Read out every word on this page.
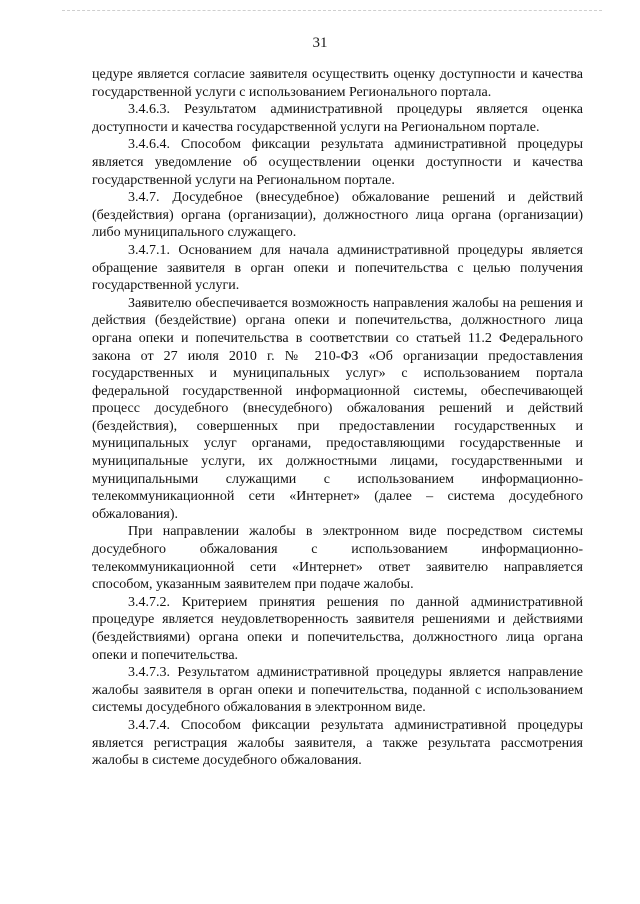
31

цедуре является согласие заявителя осуществить оценку доступности и качества государственной услуги с использованием Регионального портала.

3.4.6.3. Результатом административной процедуры является оценка доступности и качества государственной услуги на Региональном портале.

3.4.6.4. Способом фиксации результата административной процедуры является уведомление об осуществлении оценки доступности и качества государственной услуги на Региональном портале.

3.4.7. Досудебное (внесудебное) обжалование решений и действий (бездействия) органа (организации), должностного лица органа (организации) либо муниципального служащего.

3.4.7.1. Основанием для начала административной процедуры является обращение заявителя в орган опеки и попечительства с целью получения государственной услуги.

Заявителю обеспечивается возможность направления жалобы на решения и действия (бездействие) органа опеки и попечительства, должностного лица органа опеки и попечительства в соответствии со статьей 11.2 Федерального закона от 27 июля 2010 г. № 210-ФЗ «Об организации предоставления государственных и муниципальных услуг» с использованием портала федеральной государственной информационной системы, обеспечивающей процесс досудебного (внесудебного) обжалования решений и действий (бездействия), совершенных при предоставлении государственных и муниципальных услуг органами, предоставляющими государственные и муниципальные услуги, их должностными лицами, государственными и муниципальными служащими с использованием информационно-телекоммуникационной сети «Интернет» (далее – система досудебного обжалования).

При направлении жалобы в электронном виде посредством системы досудебного обжалования с использованием информационно-телекоммуникационной сети «Интернет» ответ заявителю направляется способом, указанным заявителем при подаче жалобы.

3.4.7.2. Критерием принятия решения по данной административной процедуре является неудовлетворенность заявителя решениями и действиями (бездействиями) органа опеки и попечительства, должностного лица органа опеки и попечительства.

3.4.7.3. Результатом административной процедуры является направление жалобы заявителя в орган опеки и попечительства, поданной с использованием системы досудебного обжалования в электронном виде.

3.4.7.4. Способом фиксации результата административной процедуры является регистрация жалобы заявителя, а также результата рассмотрения жалобы в системе досудебного обжалования.
